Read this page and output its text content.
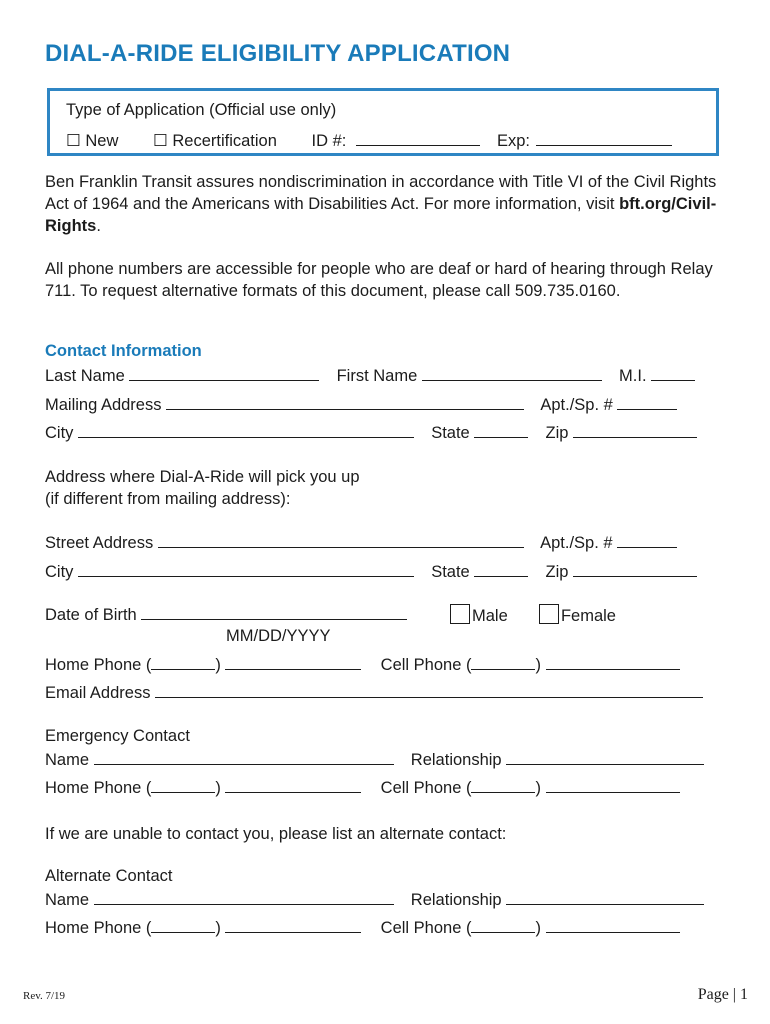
DIAL-A-RIDE ELIGIBILITY APPLICATION
Type of Application (Official use only)
☐ New ☐ Recertification ID #:	Exp:
Ben Franklin Transit assures nondiscrimination in accordance with Title VI of the Civil Rights Act of 1964 and the Americans with Disabilities Act. For more information, visit bft.org/Civil-Rights.
All phone numbers are accessible for people who are deaf or hard of hearing through Relay 711. To request alternative formats of this document, please call 509.735.0160.
Contact Information
Last Name	First Name	M.I.
Mailing Address	Apt./Sp. #
City	State	Zip
Address where Dial-A-Ride will pick you up
(if different from mailing address):
Street Address	Apt./Sp. #
City	State	Zip
Date of Birth	Male	Female
MM/DD/YYYY
Home Phone (	)	Cell Phone (	)
Email Address
Emergency Contact
Name	Relationship
Home Phone (	)	Cell Phone (	)
If we are unable to contact you, please list an alternate contact:
Alternate Contact
Name	Relationship
Home Phone (	)	Cell Phone (	)
Rev. 7/19	Page | 1
